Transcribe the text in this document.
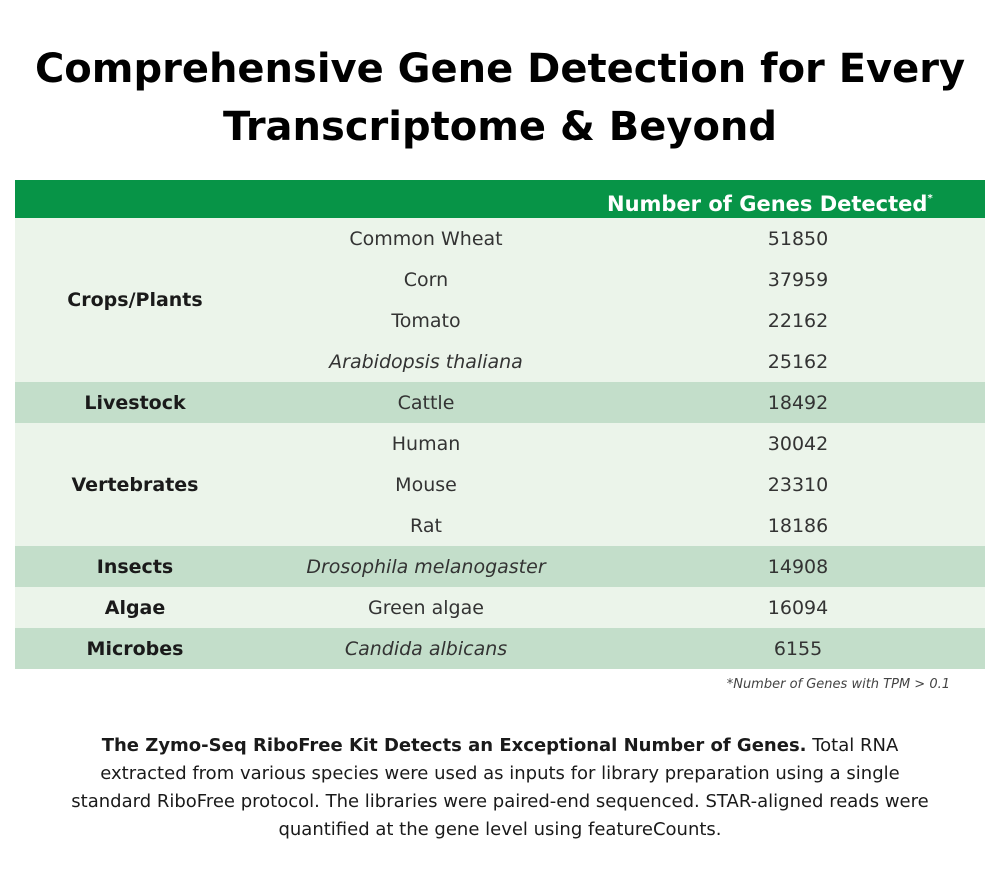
Comprehensive Gene Detection for Every
Transcriptome & Beyond
Number of Genes Detected*
Crops/Plants
Common Wheat	51850
Corn	37959
Tomato	22162
Arabidopsis thaliana	25162
Livestock	Cattle	18492
Vertebrates
Human	30042
Mouse	23310
Rat	18186
Insects	Drosophila melanogaster	14908
Algae	Green algae	16094
Microbes	Candida albicans	6155
*Number of Genes with TPM > 0.1

The Zymo-Seq RiboFree Kit Detects an Exceptional Number of Genes. Total RNA extracted from various species were used as inputs for library preparation using a single standard RiboFree protocol. The libraries were paired-end sequenced. STAR-aligned reads were quantified at the gene level using featureCounts.
